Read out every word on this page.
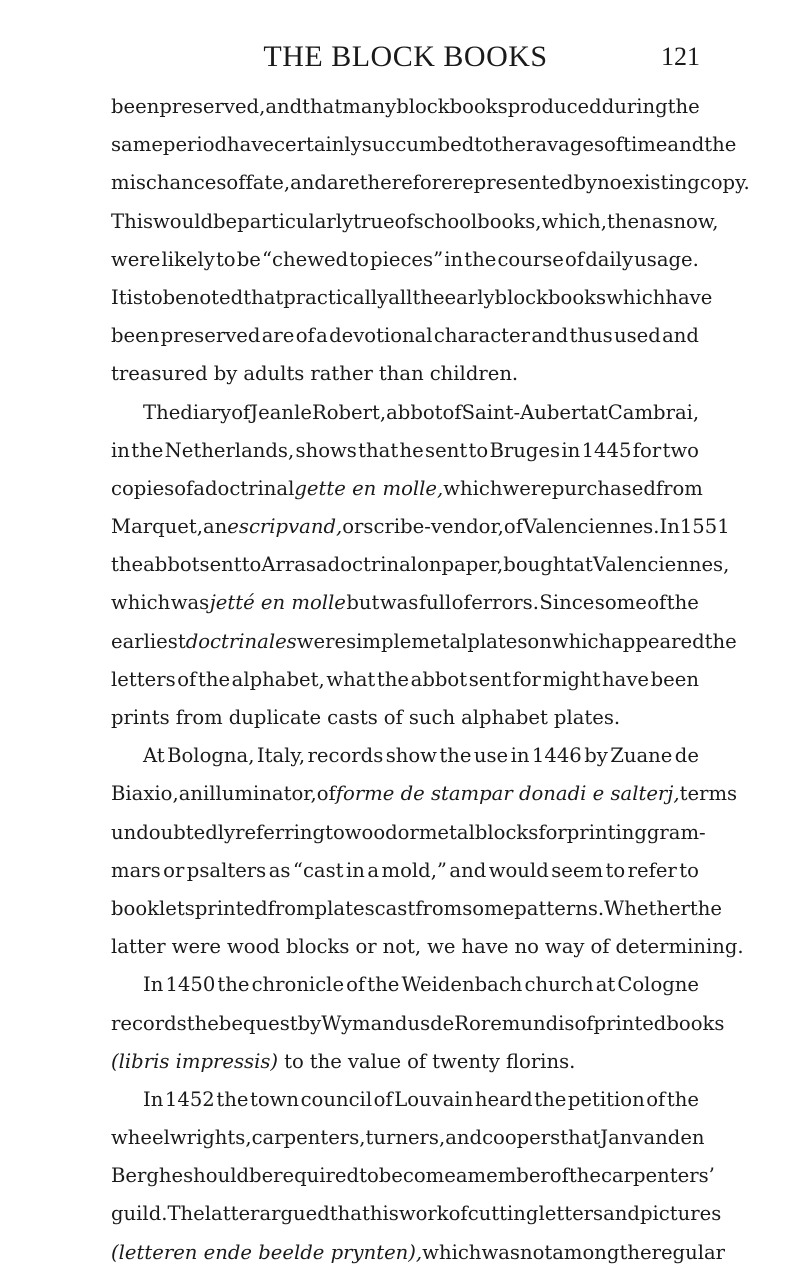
THE BLOCK BOOKS	121
been preserved, and that many block books produced during the
same period have certainly succumbed to the ravages of time and the
mischances of fate, and are therefore represented by no existing copy.
This would be particularly true of schoolbooks, which, then as now,
were likely to be “chewed to pieces” in the course of daily usage.
It is to be noted that practically all the early block books which have
been preserved are of a devotional character and thus used and
treasured by adults rather than children.
The diary of Jean le Robert, abbot of Saint-Aubert at Cambrai,
in the Netherlands, shows that he sent to Bruges in 1445 for two
copies of a doctrinal gette en molle, which were purchased from
Marquet, an escripvand, or scribe-vendor, of Valenciennes. In 1551
the abbot sent to Arras a doctrinal on paper, bought at Valenciennes,
which was jetté en molle but was full of errors. Since some of the
earliest doctrinales were simple metal plates on which appeared the
letters of the alphabet, what the abbot sent for might have been
prints from duplicate casts of such alphabet plates.
At Bologna, Italy, records show the use in 1446 by Zuane de
Biaxio, an illuminator, of forme de stampar donadi e salterj, terms
undoubtedly referring to wood or metal blocks for printing gram-
mars or psalters as “cast in a mold,” and would seem to refer to
booklets printed from plates cast from some patterns. Whether the
latter were wood blocks or not, we have no way of determining.
In 1450 the chronicle of the Weidenbach church at Cologne
records the bequest by Wymandus de Roremundis of printed books
(libris impressis) to the value of twenty florins.
In 1452 the town council of Louvain heard the petition of the
wheelwrights, carpenters, turners, and coopers that Jan van den
Berghe should be required to become a member of the carpenters’
guild. The latter argued that his work of cutting letters and pictures
(letteren ende beelde prynten), which was not among the regular
